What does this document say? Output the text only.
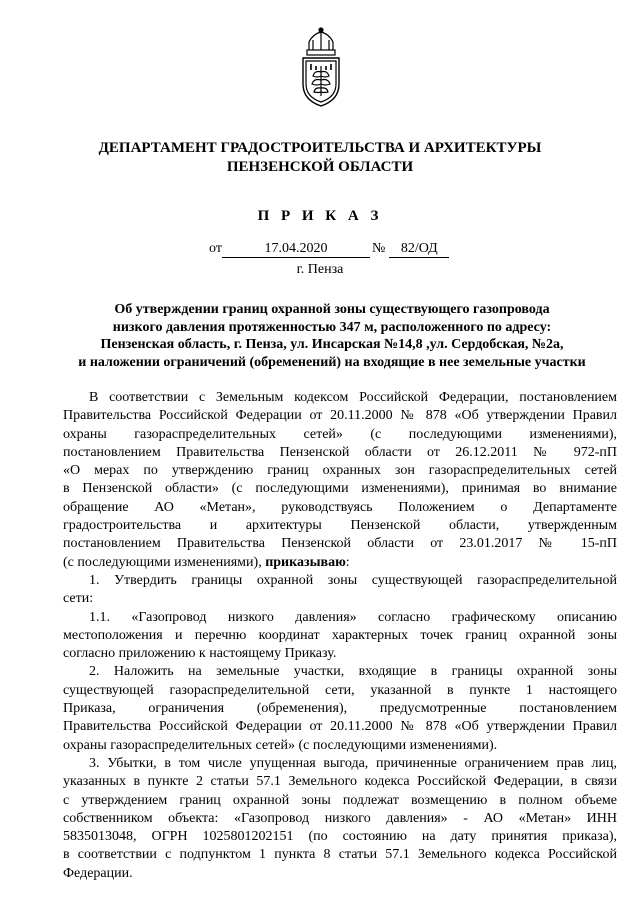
ДЕПАРТАМЕНТ ГРАДОСТРОИТЕЛЬСТВА И АРХИТЕКТУРЫ
ПЕНЗЕНСКОЙ ОБЛАСТИ
П Р И К А З
от	17.04.2020	№ 82/ОД
г. Пенза
Об утверждении границ охранной зоны существующего газопровода
низкого давления протяженностью 347 м, расположенного по адресу:
Пензенская область, г. Пенза, ул. Инсарская №14,8 ,ул. Сердобская, №2а,
и наложении ограничений (обременений) на входящие в нее земельные участки
В соответствии с Земельным кодексом Российской Федерации, постановлением
Правительства Российской Федерации от 20.11.2000 № 878 «Об утверждении Правил
охраны газораспределительных сетей» (с последующими изменениями),
постановлением Правительства Пензенской области от 26.12.2011 № 972-пП
«О мерах по утверждению границ охранных зон газораспределительных сетей
в Пензенской области» (с последующими изменениями), принимая во внимание
обращение АО «Метан», руководствуясь Положением о Департаменте
градостроительства и архитектуры Пензенской области, утвержденным
постановлением Правительства Пензенской области от 23.01.2017 № 15-пП
(с последующими изменениями), приказываю:
1. Утвердить границы охранной зоны существующей газораспределительной
сети:
1.1. «Газопровод низкого давления» согласно графическому описанию
местоположения и перечню координат характерных точек границ охранной зоны
согласно приложению к настоящему Приказу.
2. Наложить на земельные участки, входящие в границы охранной зоны
существующей газораспределительной сети, указанной в пункте 1 настоящего
Приказа, ограничения (обременения), предусмотренные постановлением
Правительства Российской Федерации от 20.11.2000 № 878 «Об утверждении Правил
охраны газораспределительных сетей» (с последующими изменениями).
3. Убытки, в том числе упущенная выгода, причиненные ограничением прав лиц,
указанных в пункте 2 статьи 57.1 Земельного кодекса Российской Федерации, в связи
с утверждением границ охранной зоны подлежат возмещению в полном объеме
собственником объекта: «Газопровод низкого давления» - АО «Метан» ИНН
5835013048, ОГРН 1025801202151 (по состоянию на дату принятия приказа),
в соответствии с подпунктом 1 пункта 8 статьи 57.1 Земельного кодекса Российской
Федерации.
